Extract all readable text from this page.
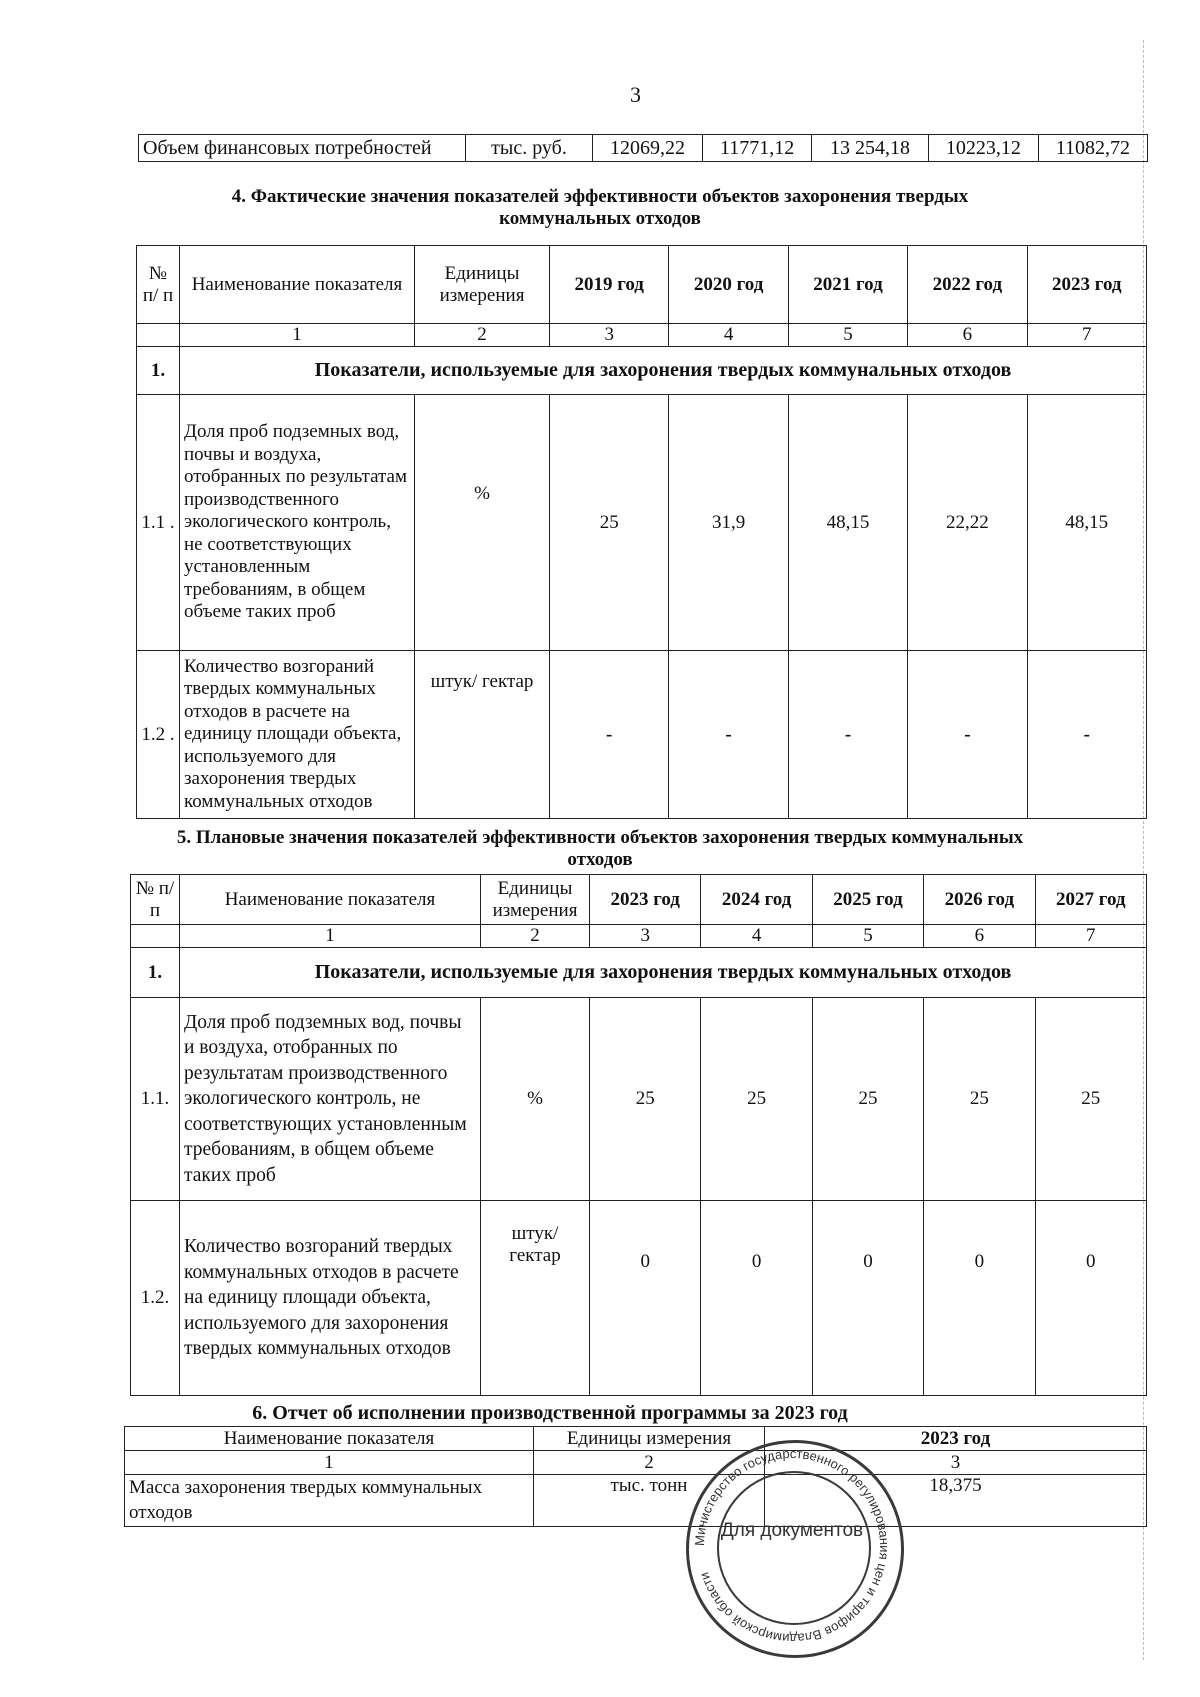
3
Объем финансовых потребностей	тыс. руб.	12069,22	11771,12	13 254,18	10223,12	11082,72
4. Фактические значения показателей эффективности объектов захоронения твердых
коммунальных отходов
№ п/ п	Наименование показателя	Единицы измерения	2019 год	2020 год	2021 год	2022 год	2023 год
	1	2	3	4	5	6	7
1.	Показатели, используемые для захоронения твердых коммунальных отходов						
1.1 .	Доля проб подземных вод, почвы и воздуха, отобранных по результатам производственного экологического контроль, не соответствующих установленным требованиям, в общем объеме таких проб	%	25	31,9	48,15	22,22	48,15
1.2 .	Количество возгораний твердых коммунальных отходов в расчете на единицу площади объекта, используемого для захоронения твердых коммунальных отходов	штук/ гектар	-	-	-	-	-
5. Плановые значения показателей эффективности объектов захоронения твердых коммунальных
отходов
№ п/п	Наименование показателя	Единицы измерения	2023 год	2024 год	2025 год	2026 год	2027 год
	1	2	3	4	5	6	7
1.	Показатели, используемые для захоронения твердых коммунальных отходов						
1.1.	Доля проб подземных вод, почвы и воздуха, отобранных по результатам производственного экологического контроль, не соответствующих установленным требованиям, в общем объеме таких проб	%	25	25	25	25	25
1.2.	Количество возгораний твердых коммунальных отходов в расчете на единицу площади объекта, используемого для захоронения твердых коммунальных отходов	штук/ гектар	0	0	0	0	0
6. Отчет об исполнении производственной программы за 2023 год
Наименование показателя	Единицы измерения	2023 год
1	2	3
Масса захоронения твердых коммунальных отходов	тыс. тонн	18,375
Министерство государственного регулирования цен и тарифов Владимирской области
Для документов
